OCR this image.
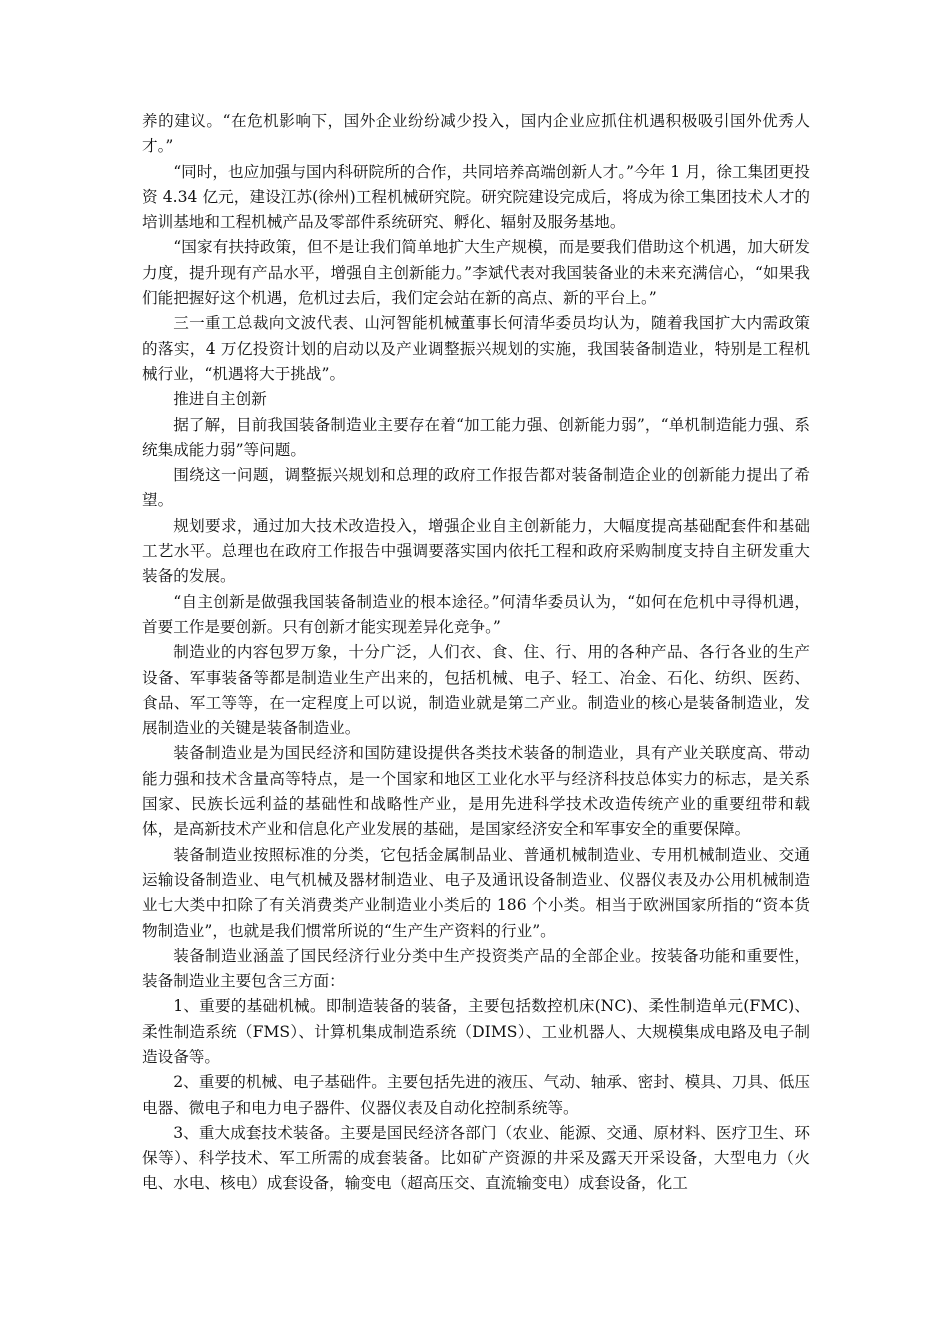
养的建议。“在危机影响下，国外企业纷纷减少投入，国内企业应抓住机遇积极吸引国外优秀人才。”

“同时，也应加强与国内科研院所的合作，共同培养高端创新人才。”今年 1 月，徐工集团更投资 4.34 亿元，建设江苏(徐州)工程机械研究院。研究院建设完成后，将成为徐工集团技术人才的培训基地和工程机械产品及零部件系统研究、孵化、辐射及服务基地。

“国家有扶持政策，但不是让我们简单地扩大生产规模，而是要我们借助这个机遇，加大研发力度，提升现有产品水平，增强自主创新能力。”李斌代表对我国装备业的未来充满信心，“如果我们能把握好这个机遇，危机过去后，我们定会站在新的高点、新的平台上。”

三一重工总裁向文波代表、山河智能机械董事长何清华委员均认为，随着我国扩大内需政策的落实，4 万亿投资计划的启动以及产业调整振兴规划的实施，我国装备制造业，特别是工程机械行业，“机遇将大于挑战”。

推进自主创新

据了解，目前我国装备制造业主要存在着“加工能力强、创新能力弱”，“单机制造能力强、系统集成能力弱”等问题。

围绕这一问题，调整振兴规划和总理的政府工作报告都对装备制造企业的创新能力提出了希望。

规划要求，通过加大技术改造投入，增强企业自主创新能力，大幅度提高基础配套件和基础工艺水平。总理也在政府工作报告中强调要落实国内依托工程和政府采购制度支持自主研发重大装备的发展。

“自主创新是做强我国装备制造业的根本途径。”何清华委员认为，“如何在危机中寻得机遇，首要工作是要创新。只有创新才能实现差异化竞争。”

制造业的内容包罗万象，十分广泛，人们衣、食、住、行、用的各种产品、各行各业的生产设备、军事装备等都是制造业生产出来的，包括机械、电子、轻工、冶金、石化、纺织、医药、食品、军工等等，在一定程度上可以说，制造业就是第二产业。制造业的核心是装备制造业，发展制造业的关键是装备制造业。

装备制造业是为国民经济和国防建设提供各类技术装备的制造业，具有产业关联度高、带动能力强和技术含量高等特点，是一个国家和地区工业化水平与经济科技总体实力的标志，是关系国家、民族长远利益的基础性和战略性产业，是用先进科学技术改造传统产业的重要纽带和载体，是高新技术产业和信息化产业发展的基础，是国家经济安全和军事安全的重要保障。

装备制造业按照标准的分类，它包括金属制品业、普通机械制造业、专用机械制造业、交通运输设备制造业、电气机械及器材制造业、电子及通讯设备制造业、仪器仪表及办公用机械制造业七大类中扣除了有关消费类产业制造业小类后的 186 个小类。相当于欧洲国家所指的“资本货物制造业”，也就是我们惯常所说的“生产生产资料的行业”。

装备制造业涵盖了国民经济行业分类中生产投资类产品的全部企业。按装备功能和重要性，装备制造业主要包含三方面：

1、重要的基础机械。即制造装备的装备，主要包括数控机床(NC)、柔性制造单元(FMC)、柔性制造系统（FMS）、计算机集成制造系统（DIMS）、工业机器人、大规模集成电路及电子制造设备等。

2、重要的机械、电子基础件。主要包括先进的液压、气动、轴承、密封、模具、刀具、低压电器、微电子和电力电子器件、仪器仪表及自动化控制系统等。

3、重大成套技术装备。主要是国民经济各部门（农业、能源、交通、原材料、医疗卫生、环保等）、科学技术、军工所需的成套装备。比如矿产资源的井采及露天开采设备，大型电力（火电、水电、核电）成套设备，输变电（超高压交、直流输变电）成套设备，化工
